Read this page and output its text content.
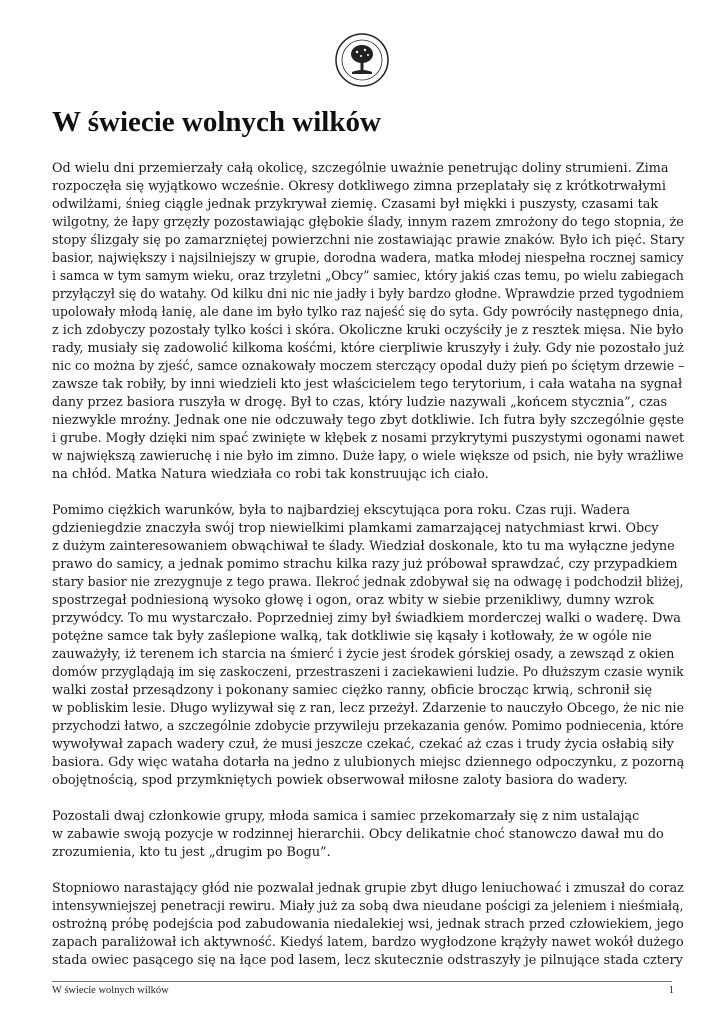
W świecie wolnych wilków

Od wielu dni przemierzały całą okolicę, szczególnie uważnie penetrując doliny strumieni. Zima
rozpoczęła się wyjątkowo wcześnie. Okresy dotkliwego zimna przeplatały się z krótkotrwałymi
odwilżami, śnieg ciągle jednak przykrywał ziemię. Czasami był miękki i puszysty, czasami tak
wilgotny, że łapy grzęzły pozostawiając głębokie ślady, innym razem zmrożony do tego stopnia, że
stopy ślizgały się po zamarzniętej powierzchni nie zostawiając prawie znaków. Było ich pięć. Stary
basior, największy i najsilniejszy w grupie, dorodna wadera, matka młodej niespełna rocznej samicy
i samca w tym samym wieku, oraz trzyletni „Obcy” samiec, który jakiś czas temu, po wielu zabiegach
przyłączył się do watahy. Od kilku dni nic nie jadły i były bardzo głodne. Wprawdzie przed tygodniem
upolowały młodą łanię, ale dane im było tylko raz najeść się do syta. Gdy powróciły następnego dnia,
z ich zdobyczy pozostały tylko kości i skóra. Okoliczne kruki oczyściły je z resztek mięsa. Nie było
rady, musiały się zadowolić kilkoma kośćmi, które cierpliwie kruszyły i żuły. Gdy nie pozostało już
nic co można by zjeść, samce oznakowały moczem sterczący opodal duży pień po ściętym drzewie –
zawsze tak robiły, by inni wiedzieli kto jest właścicielem tego terytorium, i cała wataha na sygnał
dany przez basiora ruszyła w drogę. Był to czas, który ludzie nazywali „końcem stycznia”, czas
niezwykle mroźny. Jednak one nie odczuwały tego zbyt dotkliwie. Ich futra były szczególnie gęste
i grube. Mogły dzięki nim spać zwinięte w kłębek z nosami przykrytymi puszystymi ogonami nawet
w największą zawieruchę i nie było im zimno. Duże łapy, o wiele większe od psich, nie były wrażliwe
na chłód. Matka Natura wiedziała co robi tak konstruując ich ciało.

Pomimo ciężkich warunków, była to najbardziej ekscytująca pora roku. Czas ruji. Wadera
gdzieniegdzie znaczyła swój trop niewielkimi plamkami zamarzającej natychmiast krwi. Obcy
z dużym zainteresowaniem obwąchiwał te ślady. Wiedział doskonale, kto tu ma wyłączne jedyne
prawo do samicy, a jednak pomimo strachu kilka razy już próbował sprawdzać, czy przypadkiem
stary basior nie zrezygnuje z tego prawa. Ilekroć jednak zdobywał się na odwagę i podchodził bliżej,
spostrzegał podniesioną wysoko głowę i ogon, oraz wbity w siebie przenikliwy, dumny wzrok
przywódcy. To mu wystarczało. Poprzedniej zimy był świadkiem morderczej walki o waderę. Dwa
potężne samce tak były zaślepione walką, tak dotkliwie się kąsały i kotłowały, że w ogóle nie
zauważyły, iż terenem ich starcia na śmierć i życie jest środek górskiej osady, a zewsząd z okien
domów przyglądają im się zaskoczeni, przestraszeni i zaciekawieni ludzie. Po dłuższym czasie wynik
walki został przesądzony i pokonany samiec ciężko ranny, obficie brocząc krwią, schronił się
w pobliskim lesie. Długo wylizywał się z ran, lecz przeżył. Zdarzenie to nauczyło Obcego, że nic nie
przychodzi łatwo, a szczególnie zdobycie przywileju przekazania genów. Pomimo podniecenia, które
wywoływał zapach wadery czuł, że musi jeszcze czekać, czekać aż czas i trudy życia osłabią siły
basiora. Gdy więc wataha dotarła na jedno z ulubionych miejsc dziennego odpoczynku, z pozorną
obojętnością, spod przymkniętych powiek obserwował miłosne zaloty basiora do wadery.

Pozostali dwaj członkowie grupy, młoda samica i samiec przekomarzały się z nim ustalając
w zabawie swoją pozycje w rodzinnej hierarchii. Obcy delikatnie choć stanowczo dawał mu do
zrozumienia, kto tu jest „drugim po Bogu”.

Stopniowo narastający głód nie pozwalał jednak grupie zbyt długo leniuchować i zmuszał do coraz
intensywniejszej penetracji rewiru. Miały już za sobą dwa nieudane pościgi za jeleniem i nieśmiałą,
ostrożną próbę podejścia pod zabudowania niedalekiej wsi, jednak strach przed człowiekiem, jego
zapach paraliżował ich aktywność. Kiedyś latem, bardzo wygłodzone krążyły nawet wokół dużego
stada owiec pasącego się na łące pod lasem, lecz skutecznie odstraszyły je pilnujące stada cztery

W świecie wolnych wilków	1
